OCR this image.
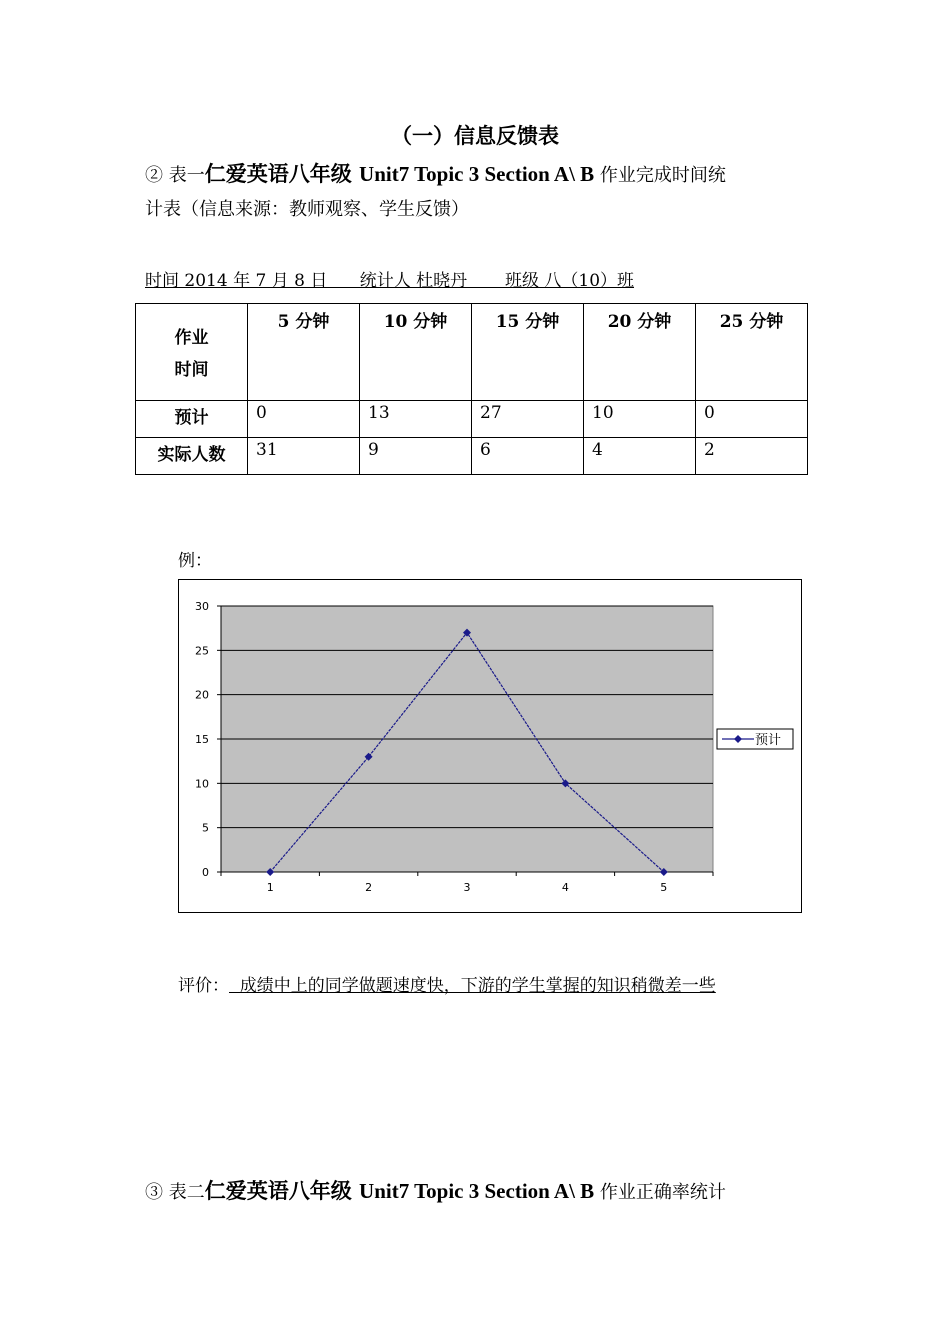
（一）信息反馈表
② 表一仁爱英语八年级 Unit7 Topic 3 Section A\ B 作业完成时间统
计表（信息来源：教师观察、学生反馈）
时间 2014 年 7 月 8 日      统计人 杜晓丹       班级 八（10）班
作业
时间	5 分钟	10 分钟	15 分钟	20 分钟	25 分钟
预计	0	13	27	10	0
实际人数	31	9	6	4	2
例：
0
5
10
15
20
25
30
1	2	3	4	5
预计
评价：  成绩中上的同学做题速度快，下游的学生掌握的知识稍微差一些
③ 表二仁爱英语八年级 Unit7 Topic 3 Section A\ B 作业正确率统计
